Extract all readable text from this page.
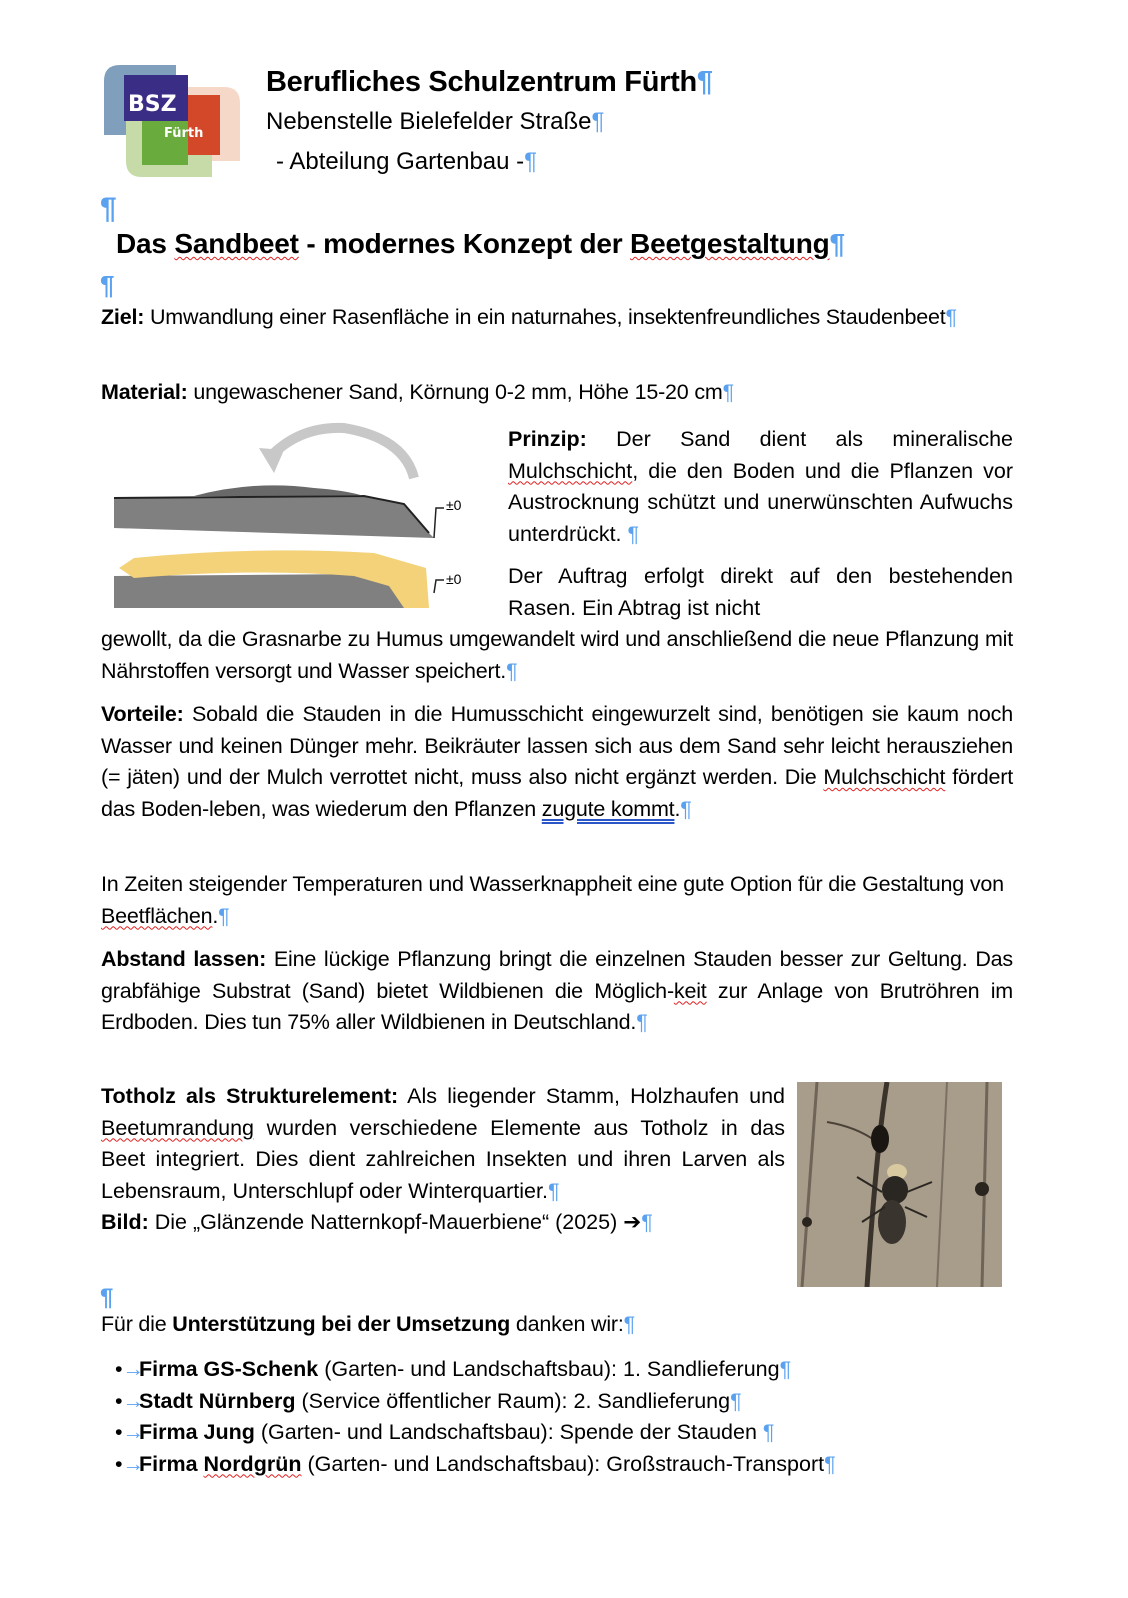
BSZ
Fürth
Berufliches Schulzentrum Fürth¶
Nebenstelle Bielefelder Straße¶
- Abteilung Gartenbau -¶
¶
Das Sandbeet - modernes Konzept der Beetgestaltung¶
¶
Ziel: Umwandlung einer Rasenfläche in ein naturnahes, insektenfreundliches Staudenbeet¶
Material: ungewaschener Sand, Körnung 0-2 mm, Höhe 15-20 cm¶
±0
±0
Prinzip: Der Sand dient als mineralische Mulchschicht, die den Boden und die Pflanzen vor Austrocknung schützt und unerwünschten Aufwuchs unterdrückt. ¶
Der Auftrag erfolgt direkt auf den bestehenden Rasen. Ein Abtrag ist nicht
gewollt, da die Grasnarbe zu Humus umgewandelt wird und anschließend die neue Pflanzung mit Nährstoffen versorgt und Wasser speichert.¶
Vorteile: Sobald die Stauden in die Humusschicht eingewurzelt sind, benötigen sie kaum noch Wasser und keinen Dünger mehr. Beikräuter lassen sich aus dem Sand sehr leicht herausziehen (= jäten) und der Mulch verrottet nicht, muss also nicht ergänzt werden. Die Mulchschicht fördert das Boden-leben, was wiederum den Pflanzen zugute kommt.¶
In Zeiten steigender Temperaturen und Wasserknappheit eine gute Option für die Gestaltung von Beetflächen.¶
Abstand lassen: Eine lückige Pflanzung bringt die einzelnen Stauden besser zur Geltung. Das grabfähige Substrat (Sand) bietet Wildbienen die Möglich-keit zur Anlage von Brutröhren im Erdboden. Dies tun 75% aller Wildbienen in Deutschland.¶
Totholz als Strukturelement: Als liegender Stamm, Holzhaufen und Beetumrandung wurden verschiedene Elemente aus Totholz in das Beet integriert. Dies dient zahlreichen Insekten und ihren Larven als Lebensraum, Unterschlupf oder Winterquartier.¶

Bild: Die „Glänzende Natternkopf-Mauerbiene“ (2025) ➔¶
¶
Für die Unterstützung bei der Umsetzung danken wir:¶
•→Firma GS-Schenk (Garten- und Landschaftsbau): 1. Sandlieferung¶
•→Stadt Nürnberg (Service öffentlicher Raum): 2. Sandlieferung¶
•→Firma Jung (Garten- und Landschaftsbau): Spende der Stauden ¶
•→Firma Nordgrün (Garten- und Landschaftsbau): Großstrauch-Transport¶
